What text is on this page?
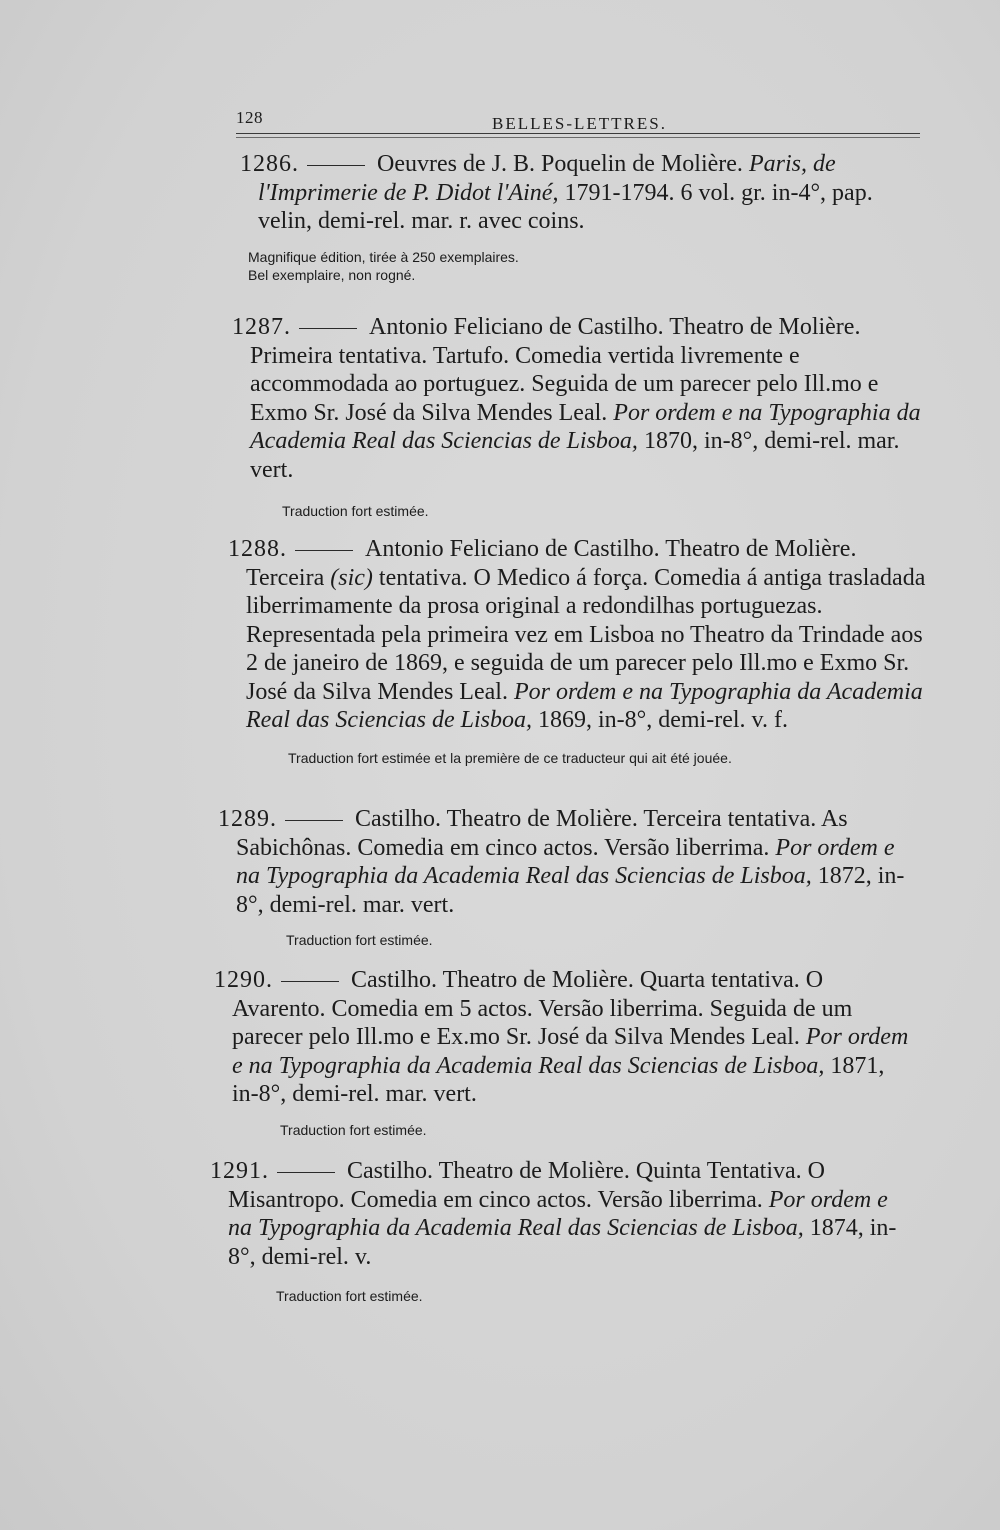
128	BELLES-LETTRES.

1286.	Oeuvres de J. B. Poquelin de Molière. Paris, de l'Imprimerie de P. Didot l'Ainé, 1791-1794. 6 vol. gr. in-4°, pap. velin, demi-rel. mar. r. avec coins.

Magnifique édition, tirée à 250 exemplaires.

Bel exemplaire, non rogné.

1287.	Antonio Feliciano de Castilho. Theatro de Molière. Primeira tentativa. Tartufo. Comedia vertida livremente e accommodada ao portuguez. Seguida de um parecer pelo Ill.mo e Exmo Sr. José da Silva Mendes Leal. Por ordem e na Typographia da Academia Real das Sciencias de Lisboa, 1870, in-8°, demi-rel. mar. vert.

Traduction fort estimée.

1288.	Antonio Feliciano de Castilho. Theatro de Molière. Terceira (sic) tentativa. O Medico á força. Comedia á antiga trasladada liberrimamente da prosa original a redondilhas portuguezas. Representada pela primeira vez em Lisboa no Theatro da Trindade aos 2 de janeiro de 1869, e seguida de um parecer pelo Ill.mo e Exmo Sr. José da Silva Mendes Leal. Por ordem e na Typographia da Academia Real das Sciencias de Lisboa, 1869, in-8°, demi-rel. v. f.

Traduction fort estimée et la première de ce traducteur qui ait été jouée.

1289.	Castilho. Theatro de Molière. Terceira tentativa. As Sabichônas. Comedia em cinco actos. Versão liberrima. Por ordem e na Typographia da Academia Real das Sciencias de Lisboa, 1872, in-8°, demi-rel. mar. vert.

Traduction fort estimée.

1290.	Castilho. Theatro de Molière. Quarta tentativa. O Avarento. Comedia em 5 actos. Versão liberrima. Seguida de um parecer pelo Ill.mo e Ex.mo Sr. José da Silva Mendes Leal. Por ordem e na Typographia da Academia Real das Sciencias de Lisboa, 1871, in-8°, demi-rel. mar. vert.

Traduction fort estimée.

1291.	Castilho. Theatro de Molière. Quinta Tentativa. O Misantropo. Comedia em cinco actos. Versão liberrima. Por ordem e na Typographia da Academia Real das Sciencias de Lisboa, 1874, in-8°, demi-rel. v.

Traduction fort estimée.
